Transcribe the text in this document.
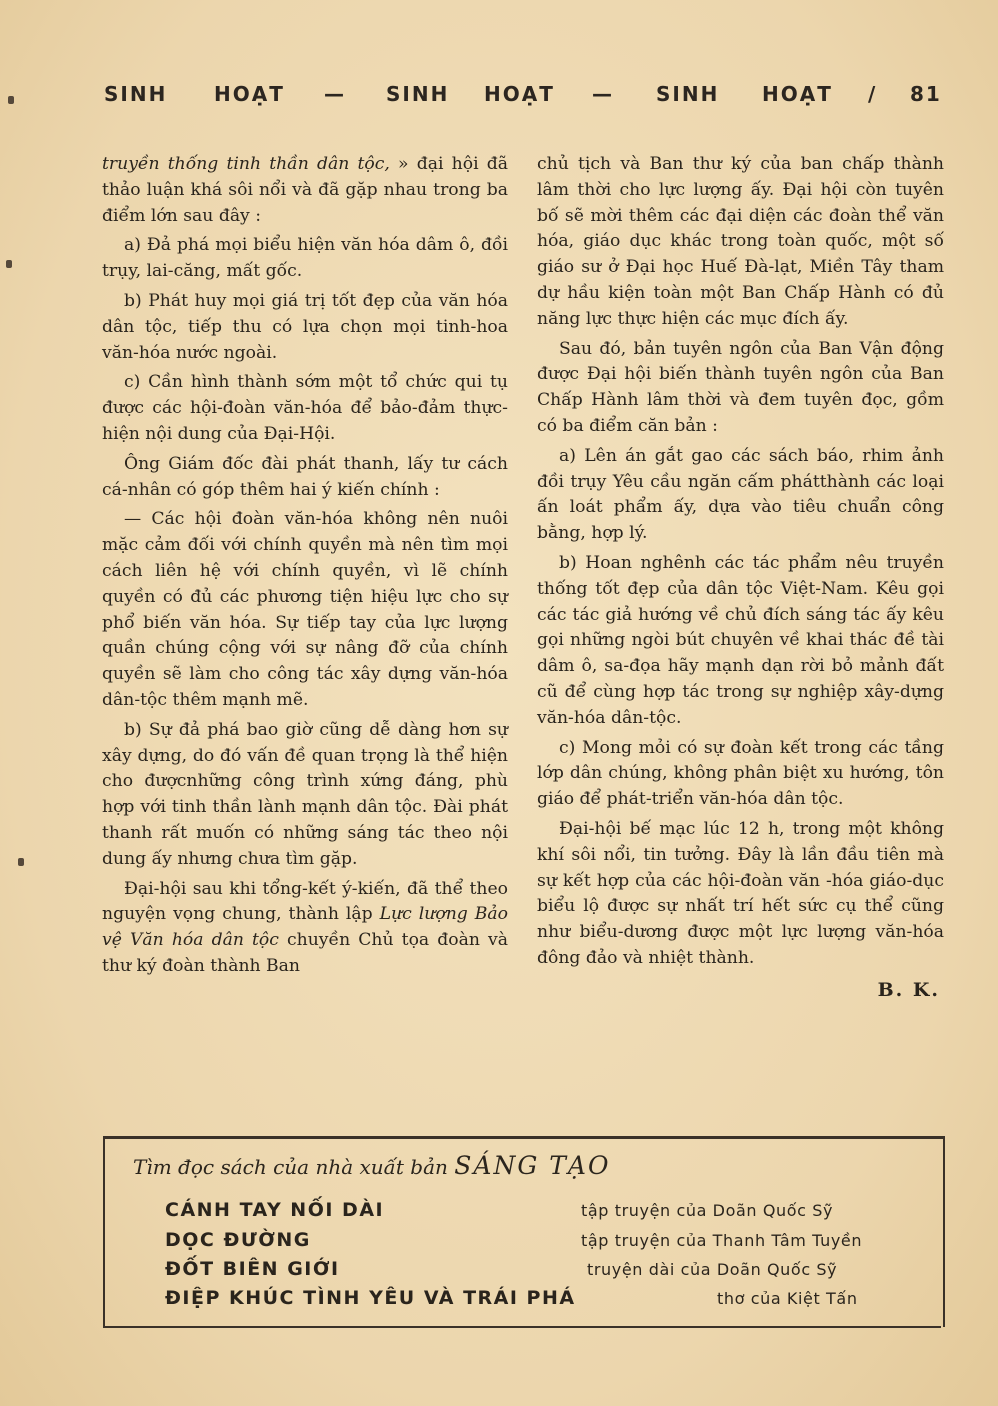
SINH HOẠT — SINH HOẠT — SINH HOẠT / 81

truyền thống tinh thần dân tộc, » đại hội đã thảo luận khá sôi nổi và đã gặp nhau trong ba điểm lớn sau đây :

a) Đả phá mọi biểu hiện văn hóa dâm ô, đồi trụy, lai-căng, mất gốc.

b) Phát huy mọi giá trị tốt đẹp của văn hóa dân tộc, tiếp thu có lựa chọn mọi tinh-hoa văn-hóa nước ngoài.

c) Cần hình thành sớm một tổ chức qui tụ được các hội-đoàn văn-hóa để bảo-đảm thực-hiện nội dung của Đại-Hội.

Ông Giám đốc đài phát thanh, lấy tư cách cá-nhân có góp thêm hai ý kiến chính :

— Các hội đoàn văn-hóa không nên nuôi mặc cảm đối với chính quyền mà nên tìm mọi cách liên hệ với chính quyền, vì lẽ chính quyền có đủ các phương tiện hiệu lực cho sự phổ biến văn hóa. Sự tiếp tay của lực lượng quần chúng cộng với sự nâng đỡ của chính quyền sẽ làm cho công tác xây dựng văn-hóa dân-tộc thêm mạnh mẽ.

b) Sự đả phá bao giờ cũng dễ dàng hơn sự xây dựng, do đó vấn đề quan trọng là thể hiện cho đượcnhững công trình xứng đáng, phù hợp với tinh thần lành mạnh dân tộc. Đài phát thanh rất muốn có những sáng tác theo nội dung ấy nhưng chưa tìm gặp.

Đại-hội sau khi tổng-kết ý-kiến, đã thể theo nguyện vọng chung, thành lập Lực lượng Bảo vệ Văn hóa dân tộc chuyền Chủ tọa đoàn và thư ký đoàn thành Ban

chủ tịch và Ban thư ký của ban chấp thành lâm thời cho lực lượng ấy. Đại hội còn tuyên bố sẽ mời thêm các đại diện các đoàn thể văn hóa, giáo dục khác trong toàn quốc, một số giáo sư ở Đại học Huế Đà-lạt, Miền Tây tham dự hầu kiện toàn một Ban Chấp Hành có đủ năng lực thực hiện các mục đích ấy.

Sau đó, bản tuyên ngôn của Ban Vận động được Đại hội biến thành tuyên ngôn của Ban Chấp Hành lâm thời và đem tuyên đọc, gồm có ba điểm căn bản :

a) Lên án gắt gao các sách báo, rhim ảnh đồi trụy Yêu cầu ngăn cấm phátthành các loại ấn loát phẩm ấy, dựa vào tiêu chuẩn công bằng, hợp lý.

b) Hoan nghênh các tác phẩm nêu truyền thống tốt đẹp của dân tộc Việt-Nam. Kêu gọi các tác giả hướng về chủ đích sáng tác ấy kêu gọi những ngòi bút chuyên về khai thác đề tài dâm ô, sa-đọa hãy mạnh dạn rời bỏ mảnh đất cũ để cùng hợp tác trong sự nghiệp xây-dựng văn-hóa dân-tộc.

c) Mong mỏi có sự đoàn kết trong các tầng lớp dân chúng, không phân biệt xu hướng, tôn giáo để phát-triển văn-hóa dân tộc.

Đại-hội bế mạc lúc 12 h, trong một không khí sôi nổi, tin tưởng. Đây là lần đầu tiên mà sự kết hợp của các hội-đoàn văn -hóa giáo-dục biểu lộ được sự nhất trí hết sức cụ thể cũng như biểu-dương được một lực lượng văn-hóa đông đảo và nhiệt thành.

B. K.
Tìm đọc sách của nhà xuất bản SÁNG TẠO
CÁNH TAY NỐI DÀI	tập truyện của Doãn Quốc Sỹ
DỌC ĐƯỜNG	tập truyện của Thanh Tâm Tuyền
ĐỐT BIÊN GIỚI	truyện dài của Doãn Quốc Sỹ
ĐIỆP KHÚC TÌNH YÊU VÀ TRÁI PHÁ	thơ của Kiệt Tấn
